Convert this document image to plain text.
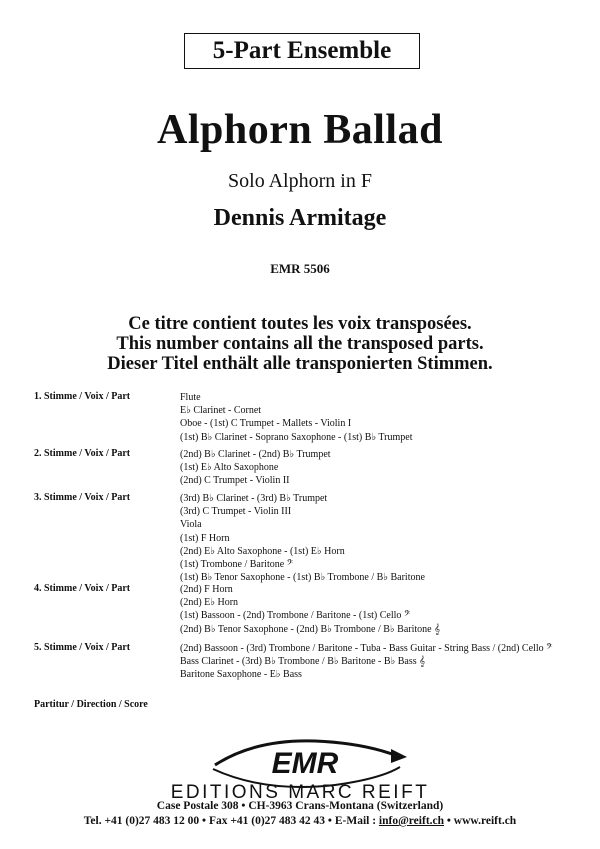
5-Part Ensemble
Alphorn Ballad
Solo Alphorn in F
Dennis Armitage
EMR 5506
Ce titre contient toutes les voix transposées.
This number contains all the transposed parts.
Dieser Titel enthält alle transponierten Stimmen.
1. Stimme / Voix / Part	Flute
E♭ Clarinet - Cornet
Oboe - (1st) C Trumpet - Mallets - Violin I
(1st) B♭ Clarinet - Soprano Saxophone - (1st) B♭ Trumpet
2. Stimme / Voix / Part	(2nd) B♭ Clarinet - (2nd) B♭ Trumpet
(1st) E♭ Alto Saxophone
(2nd) C Trumpet - Violin II
3. Stimme / Voix / Part	(3rd) B♭ Clarinet - (3rd) B♭ Trumpet
(3rd) C Trumpet - Violin III
Viola
(1st) F Horn
(2nd) E♭ Alto Saxophone - (1st) E♭ Horn
(1st) Trombone / Baritone 𝄢
(1st) B♭ Tenor Saxophone - (1st) B♭ Trombone / B♭ Baritone
4. Stimme / Voix / Part	(2nd) F Horn
(2nd) E♭ Horn
(1st) Bassoon - (2nd) Trombone / Baritone - (1st) Cello 𝄢
(2nd) B♭ Tenor Saxophone - (2nd) B♭ Trombone / B♭ Baritone 𝄞
5. Stimme / Voix / Part	(2nd) Bassoon - (3rd) Trombone / Baritone - Tuba - Bass Guitar - String Bass / (2nd) Cello 𝄢
Bass Clarinet - (3rd) B♭ Trombone / B♭ Baritone - B♭ Bass 𝄞
Baritone Saxophone - E♭ Bass
Partitur / Direction / Score
EMR
EDITIONS MARC REIFT
Case Postale 308 • CH-3963 Crans-Montana (Switzerland)
Tel. +41 (0)27 483 12 00 • Fax +41 (0)27 483 42 43 • E-Mail : info@reift.ch • www.reift.ch
